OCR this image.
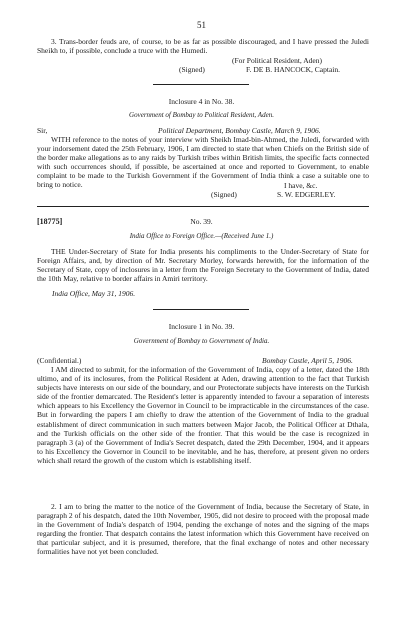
51

3. Trans-border feuds are, of course, to be as far as possible discouraged, and I have pressed the Juledi Sheikh to, if possible, conclude a truce with the Humedi.

(For Political Resident, Aden)
(Signed)	F. DE B. HANCOCK, Captain.
Inclosure 4 in No. 38.
Government of Bombay to Political Resident, Aden.
Sir,	Political Department, Bombay Castle, March 9, 1906.

WITH reference to the notes of your interview with Sheikh Imad-bin-Ahmed, the Juledi, forwarded with your indorsement dated the 25th February, 1906, I am directed to state that when Chiefs on the British side of the border make allegations as to any raids by Turkish tribes within British limits, the specific facts connected with such occurrences should, if possible, be ascertained at once and reported to Government, to enable complaint to be made to the Turkish Government if the Government of India think a case a suitable one to bring to notice.	I have, &c.
(Signed)	S. W. EDGERLEY.
[18775]	No. 39.
India Office to Foreign Office.—(Received June 1.)

THE Under-Secretary of State for India presents his compliments to the Under-Secretary of State for Foreign Affairs, and, by direction of Mr. Secretary Morley, forwards herewith, for the information of the Secretary of State, copy of inclosures in a letter from the Foreign Secretary to the Government of India, dated the 10th May, relative to border affairs in Amiri territory.

India Office, May 31, 1906.
Inclosure 1 in No. 39.
Government of Bombay to Government of India.
(Confidential.)	Bombay Castle, April 5, 1906.

I AM directed to submit, for the information of the Government of India, copy of a letter, dated the 18th ultimo, and of its inclosures, from the Political Resident at Aden, drawing attention to the fact that Turkish subjects have interests on our side of the boundary, and our Protectorate subjects have interests on the Turkish side of the frontier demarcated. The Resident's letter is apparently intended to favour a separation of interests which appears to his Excellency the Governor in Council to be impracticable in the circumstances of the case. But in forwarding the papers I am chiefly to draw the attention of the Government of India to the gradual establishment of direct communication in such matters between Major Jacob, the Political Officer at Dthala, and the Turkish officials on the other side of the frontier. That this would be the case is recognized in paragraph 3 (a) of the Government of India's Secret despatch, dated the 29th December, 1904, and it appears to his Excellency the Governor in Council to be inevitable, and he has, therefore, at present given no orders which shall retard the growth of the custom which is establishing itself.

2. I am to bring the matter to the notice of the Government of India, because the Secretary of State, in paragraph 2 of his despatch, dated the 10th November, 1905, did not desire to proceed with the proposal made in the Government of India's despatch of 1904, pending the exchange of notes and the signing of the maps regarding the frontier. That despatch contains the latest information which this Government have received on that particular subject, and it is presumed, therefore, that the final exchange of notes and other necessary formalities have not yet been concluded.
